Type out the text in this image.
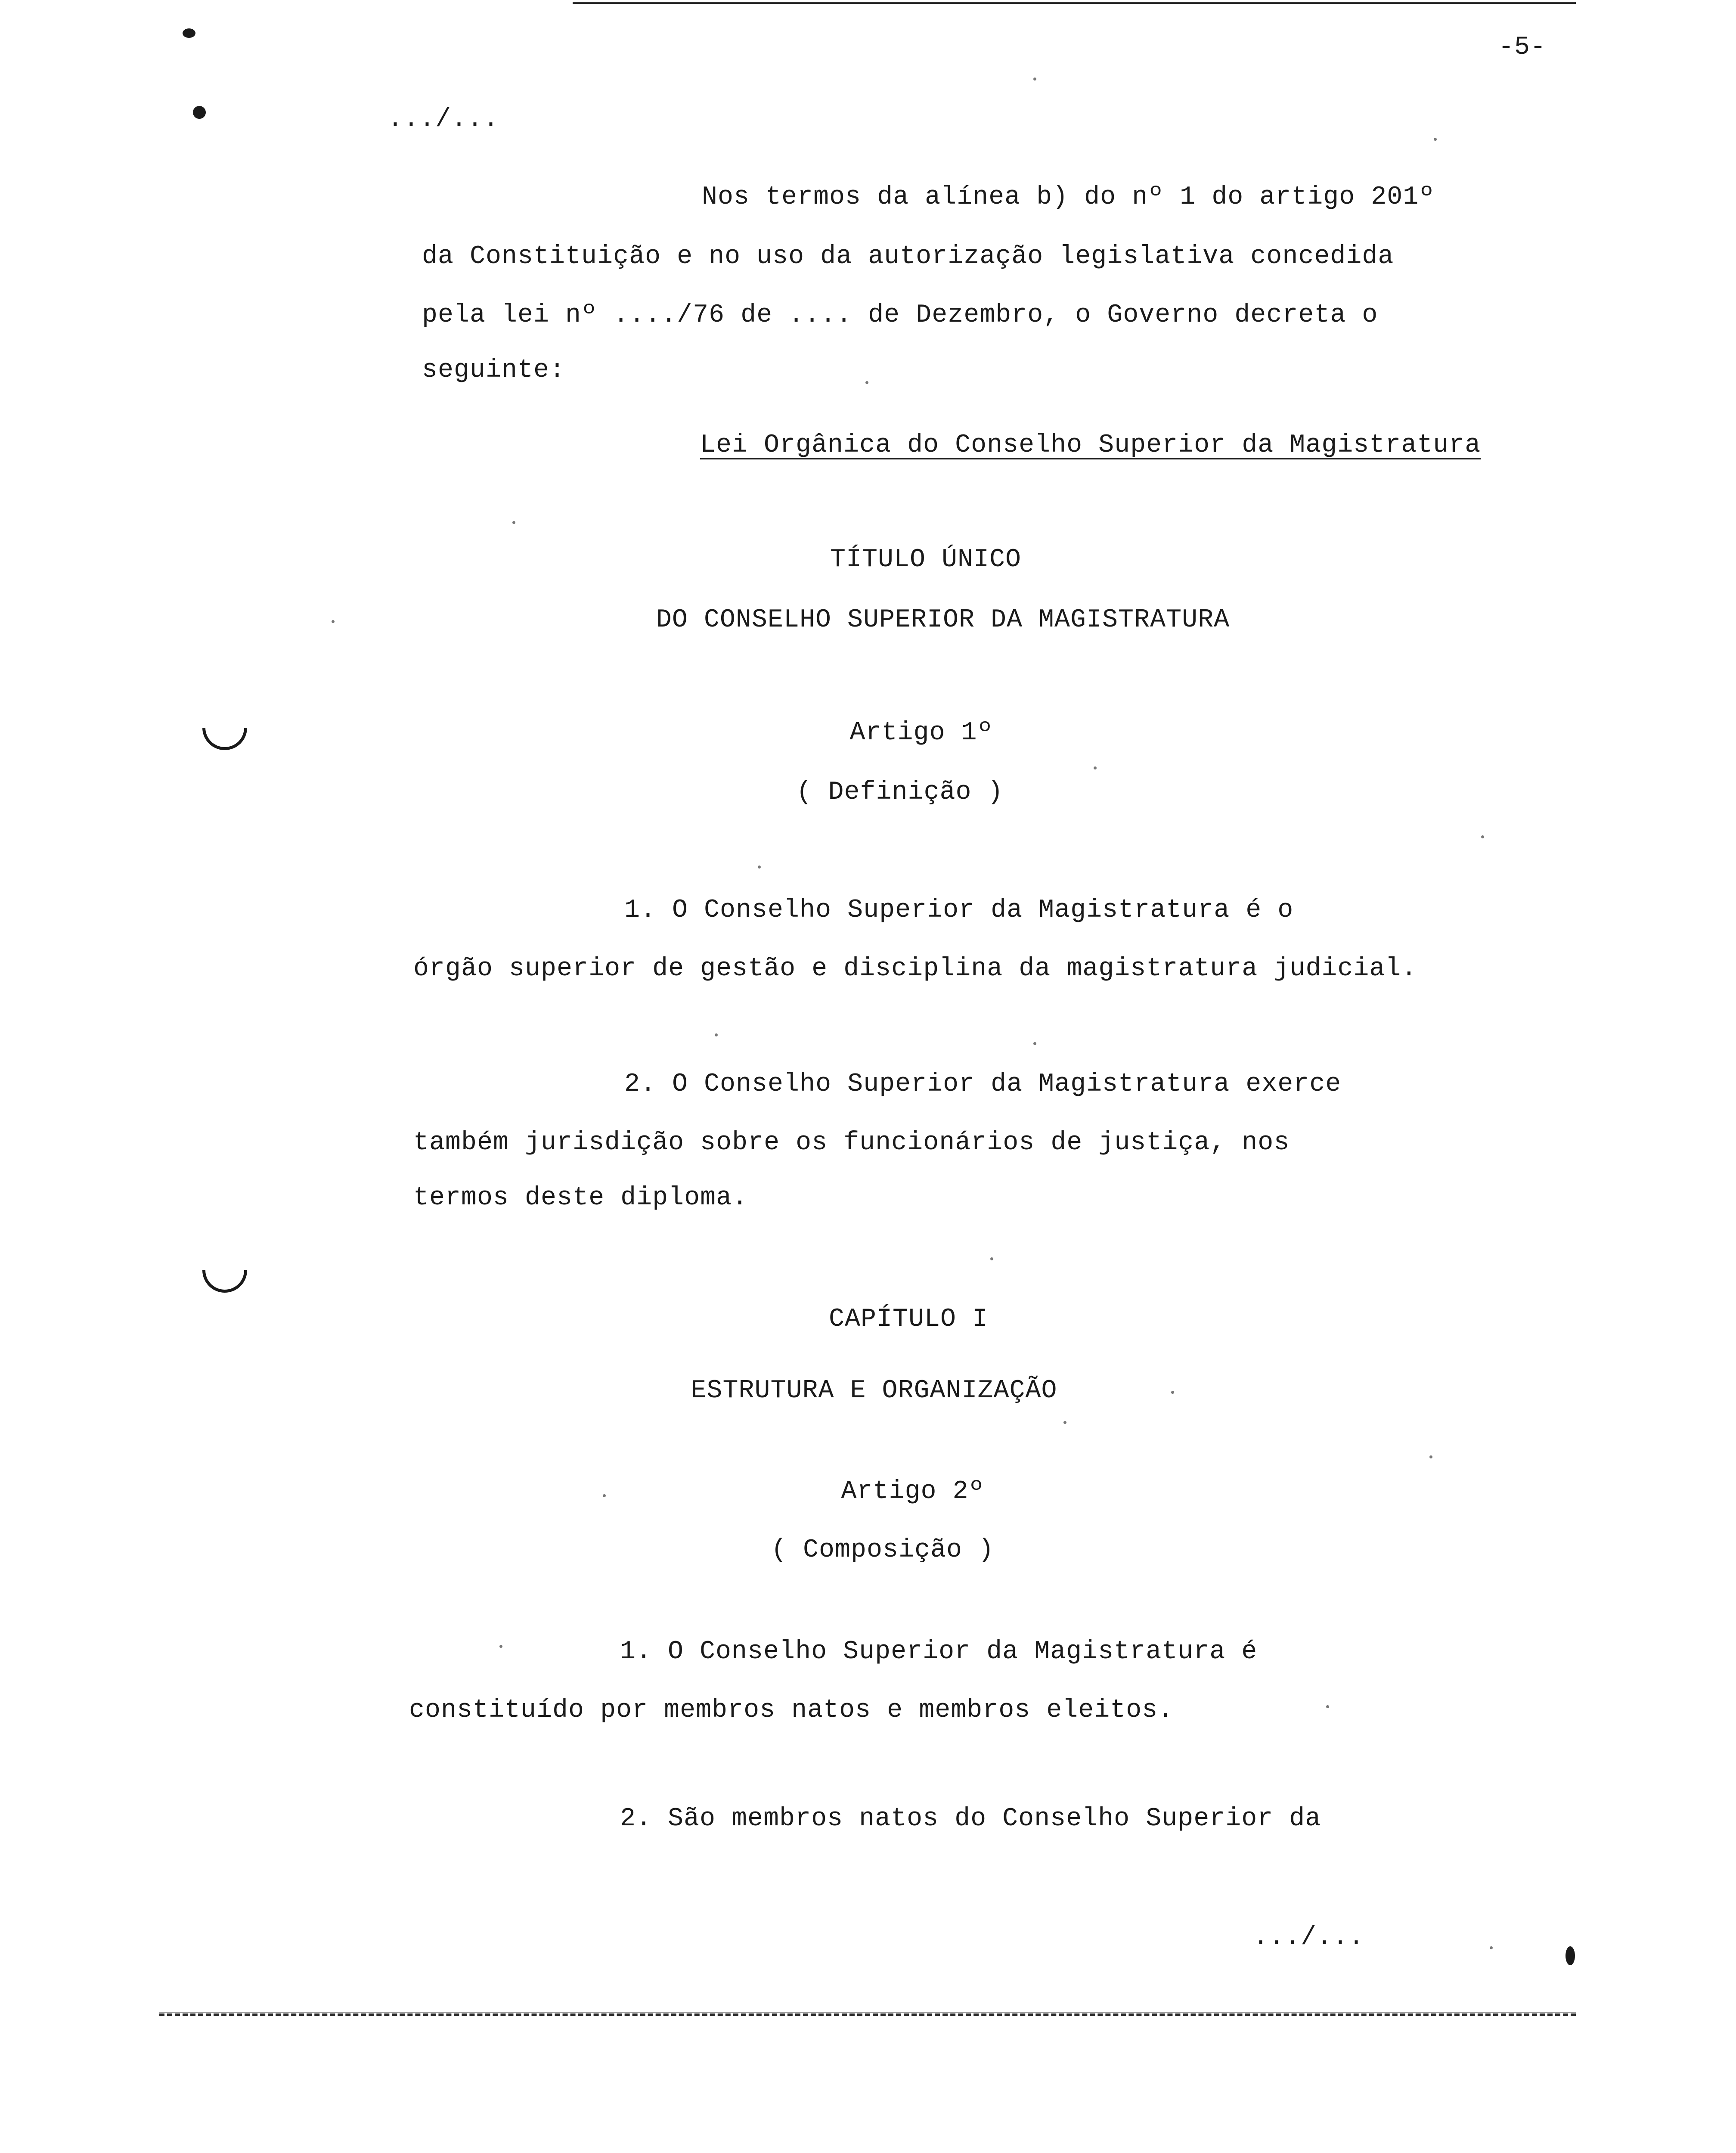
-5-
.../...
Nos termos da alínea b) do nº 1 do artigo 201º
da Constituição e no uso da autorização legislativa concedida
pela lei nº ..../76 de .... de Dezembro, o Governo decreta o
seguinte:
Lei Orgânica do Conselho Superior da Magistratura
TÍTULO ÚNICO
DO CONSELHO SUPERIOR DA MAGISTRATURA
Artigo 1º
( Definição )
1. O Conselho Superior da Magistratura é o
órgão superior de gestão e disciplina da magistratura judicial.
2. O Conselho Superior da Magistratura exerce
também jurisdição sobre os funcionários de justiça, nos
termos deste diploma.
CAPÍTULO I
ESTRUTURA E ORGANIZAÇÃO
Artigo 2º
( Composição )
1. O Conselho Superior da Magistratura é
constituído por membros natos e membros eleitos.
2. São membros natos do Conselho Superior da
.../...
